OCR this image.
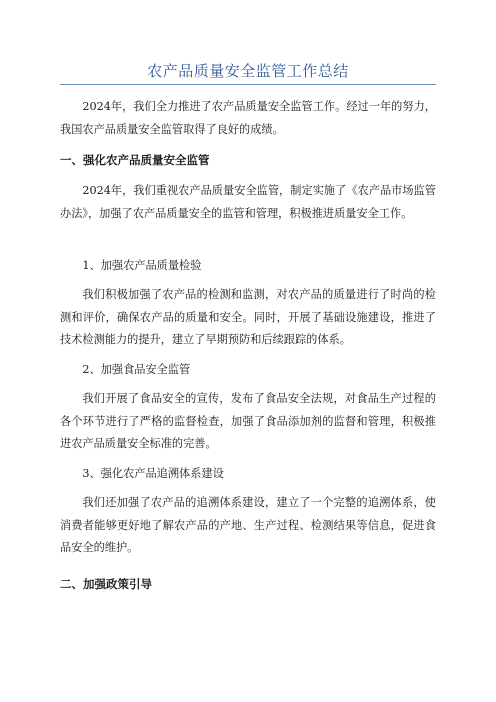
农产品质量安全监管工作总结

2024年，我们全力推进了农产品质量安全监管工作。经过一年的努力，我国农产品质量安全监管取得了良好的成绩。

一、强化农产品质量安全监管

2024年，我们重视农产品质量安全监管，制定实施了《农产品市场监管办法》，加强了农产品质量安全的监管和管理，积极推进质量安全工作。

1、加强农产品质量检验

我们积极加强了农产品的检测和监测，对农产品的质量进行了时尚的检测和评价，确保农产品的质量和安全。同时，开展了基础设施建设，推进了技术检测能力的提升，建立了早期预防和后续跟踪的体系。

2、加强食品安全监管

我们开展了食品安全的宣传，发布了食品安全法规，对食品生产过程的各个环节进行了严格的监督检查，加强了食品添加剂的监督和管理，积极推进农产品质量安全标准的完善。

3、强化农产品追溯体系建设

我们还加强了农产品的追溯体系建设，建立了一个完整的追溯体系，使消费者能够更好地了解农产品的产地、生产过程、检测结果等信息，促进食品安全的维护。

二、加强政策引导
